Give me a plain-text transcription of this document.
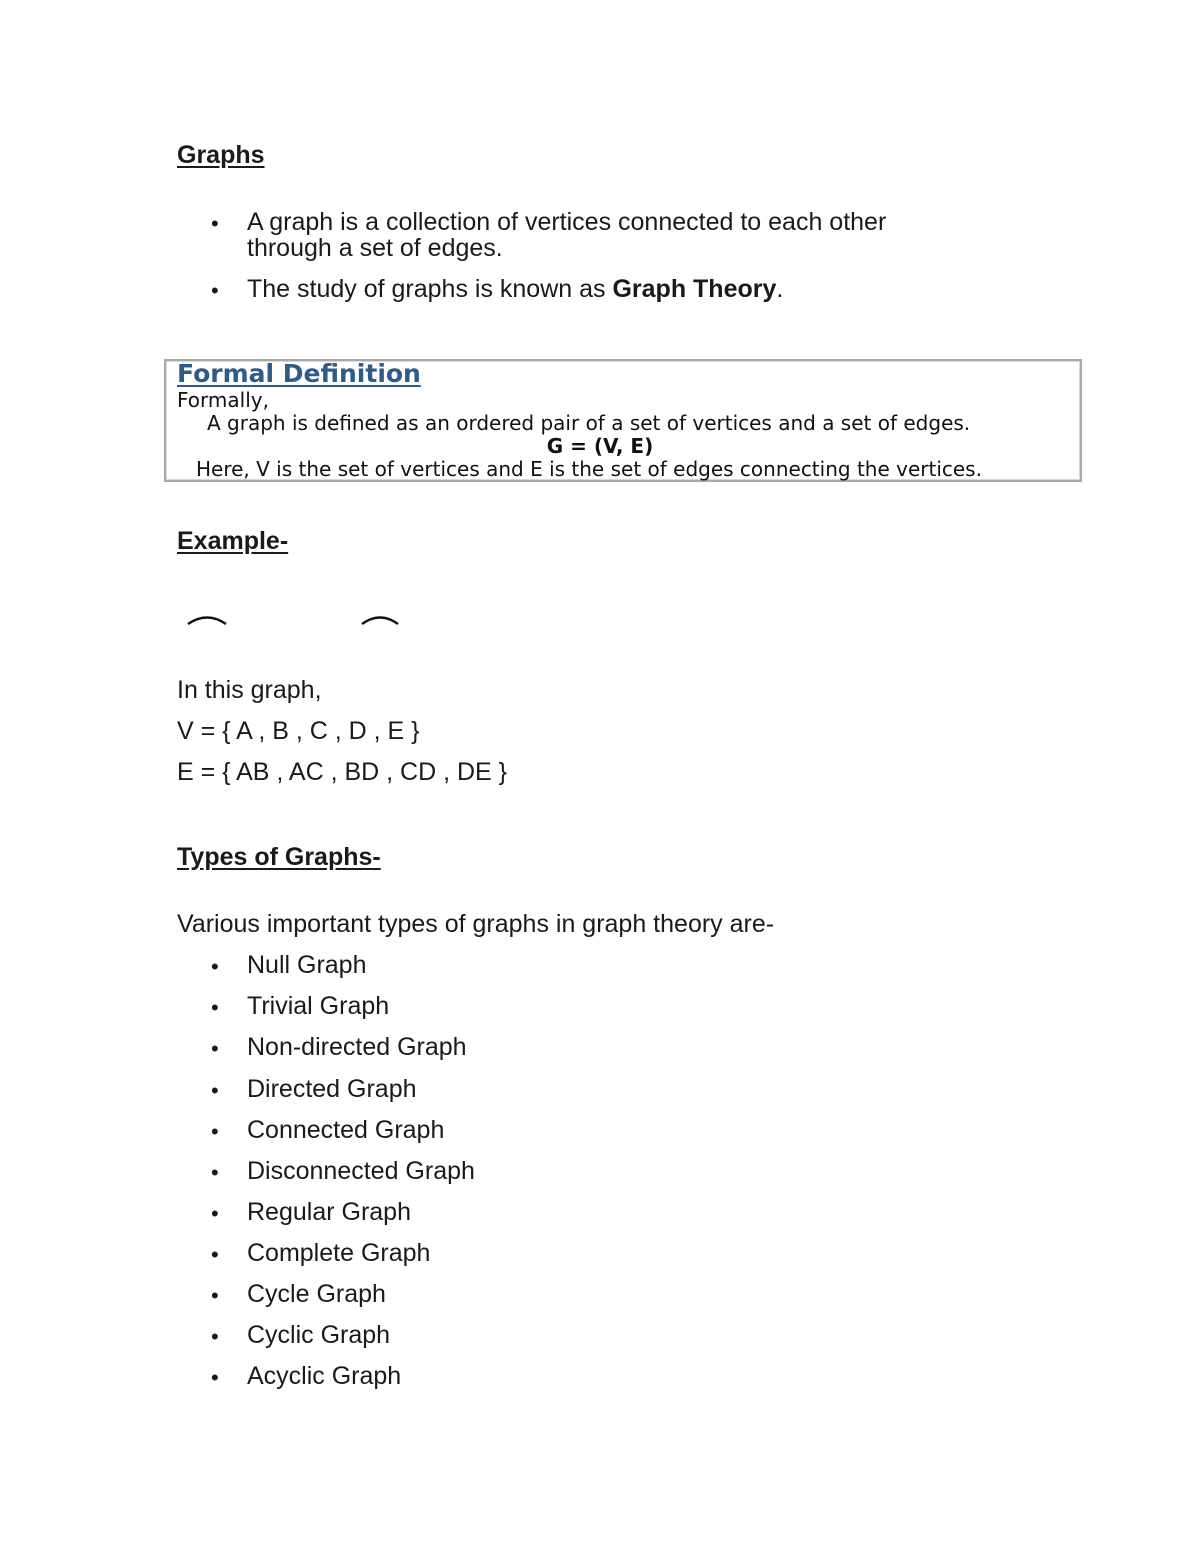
Graphs
• A graph is a collection of vertices connected to each other
through a set of edges.
• The study of graphs is known as Graph Theory.
Formal Definition
Formally,
A graph is defined as an ordered pair of a set of vertices and a set of edges.
G = (V, E)
Here, V is the set of vertices and E is the set of edges connecting the vertices.
Example-
In this graph,
V = { A , B , C , D , E }
E = { AB , AC , BD , CD , DE }
Types of Graphs-
Various important types of graphs in graph theory are-
• Null Graph
• Trivial Graph
• Non-directed Graph
• Directed Graph
• Connected Graph
• Disconnected Graph
• Regular Graph
• Complete Graph
• Cycle Graph
• Cyclic Graph
• Acyclic Graph
